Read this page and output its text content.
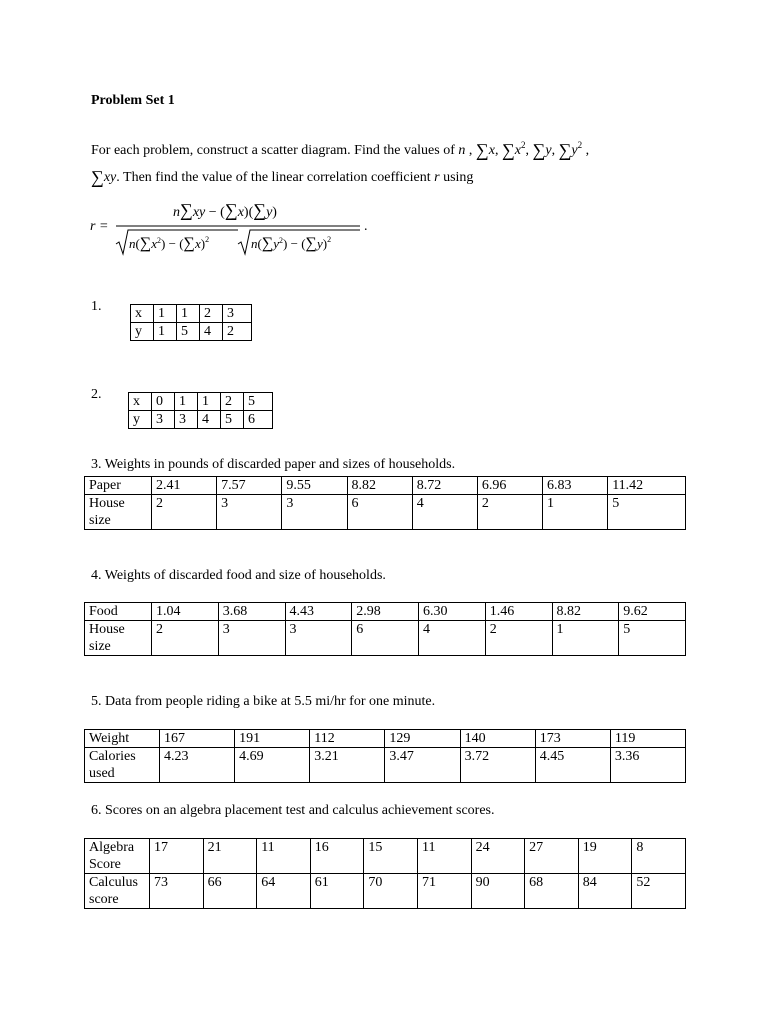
Problem Set 1
For each problem, construct a scatter diagram. Find the values of n , ∑x, $\sum x^2$, ∑y, $\sum y^2$ ,
∑xy. Then find the value of the linear correlation coefficient r using
r =
n∑xy − (∑x)(∑y)
$n(\sum x^2) - (\sum x)^2$	$n(\sum y^2) - (\sum y)^2$
.
1. x	1	1	2	3
y	1	5	4	2
2. x	0	1	1	2	5
y	3	3	4	5	6
3. Weights in pounds of discarded paper and sizes of households.
Paper	2.41	7.57	9.55	8.82	8.72	6.96	6.83	11.42
House size	2	3	3	6	4	2	1	5
4. Weights of discarded food and size of households.
Food	1.04	3.68	4.43	2.98	6.30	1.46	8.82	9.62
House size	2	3	3	6	4	2	1	5
5. Data from people riding a bike at 5.5 mi/hr for one minute.
Weight	167	191	112	129	140	173	119
Calories used	4.23	4.69	3.21	3.47	3.72	4.45	3.36
6. Scores on an algebra placement test and calculus achievement scores.
Algebra Score	17	21	11	16	15	11	24	27	19	8
Calculus score	73	66	64	61	70	71	90	68	84	52
